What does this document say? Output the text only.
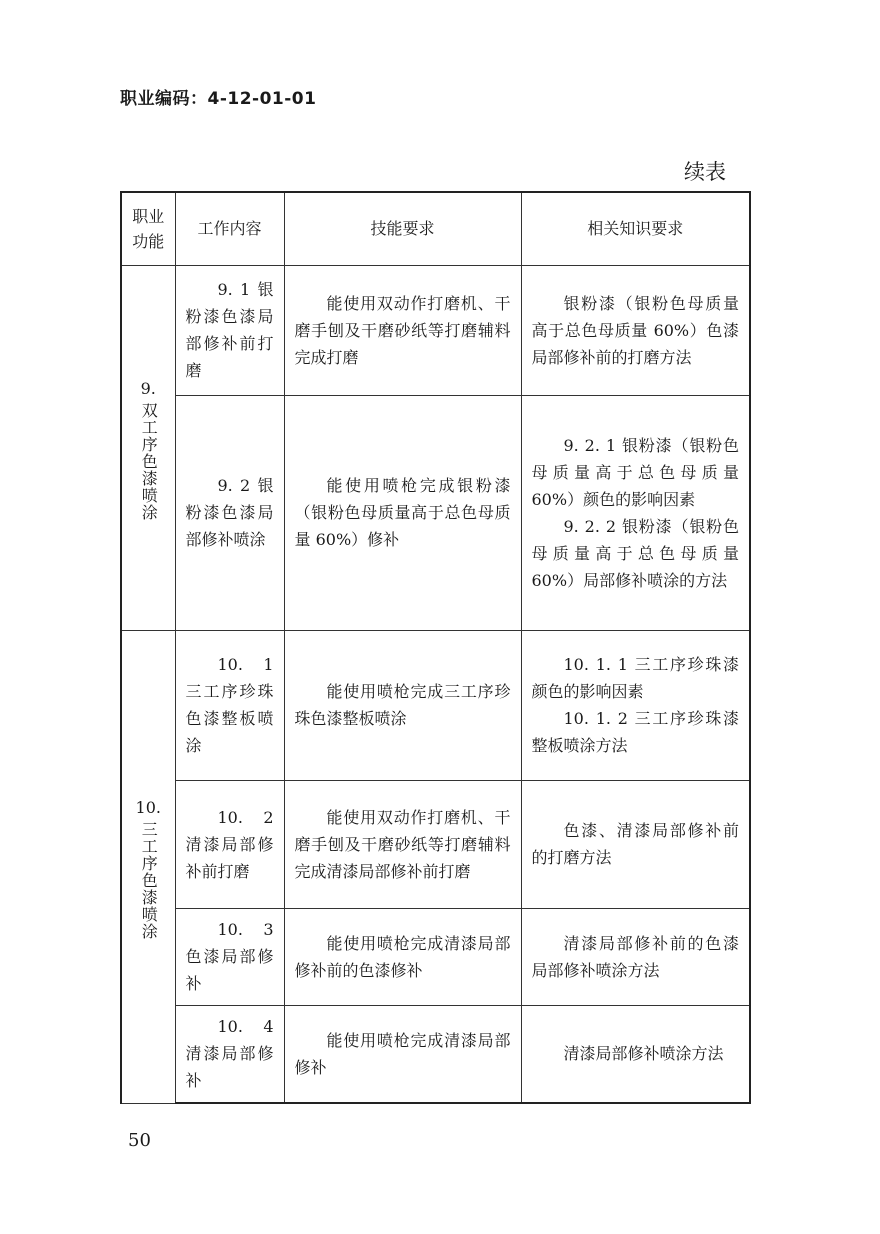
职业编码：4-12-01-01
续表
职业功能	工作内容	技能要求	相关知识要求

9.
双工序色漆喷涂	9. 1 银粉漆色漆局部修补前打磨	能使用双动作打磨机、干磨手刨及干磨砂纸等打磨辅料完成打磨	银粉漆（银粉色母质量高于总色母质量 60%）色漆局部修补前的打磨方法
	9. 2 银粉漆色漆局部修补喷涂	能使用喷枪完成银粉漆（银粉色母质量高于总色母质量 60%）修补	9. 2. 1 银粉漆（银粉色母质量高于总色母质量 60%）颜色的影响因素
9. 2. 2 银粉漆（银粉色母质量高于总色母质量 60%）局部修补喷涂的方法

10.
三工序色漆喷涂	10. 1 三工序珍珠色漆整板喷涂	能使用喷枪完成三工序珍珠色漆整板喷涂	10. 1. 1 三工序珍珠漆颜色的影响因素
10. 1. 2 三工序珍珠漆整板喷涂方法

	10. 2 清漆局部修补前打磨	能使用双动作打磨机、干磨手刨及干磨砂纸等打磨辅料完成清漆局部修补前打磨	色漆、清漆局部修补前的打磨方法
	10. 3 色漆局部修补	能使用喷枪完成清漆局部修补前的色漆修补	清漆局部修补前的色漆局部修补喷涂方法
	10. 4 清漆局部修补	能使用喷枪完成清漆局部修补	清漆局部修补喷涂方法
50
